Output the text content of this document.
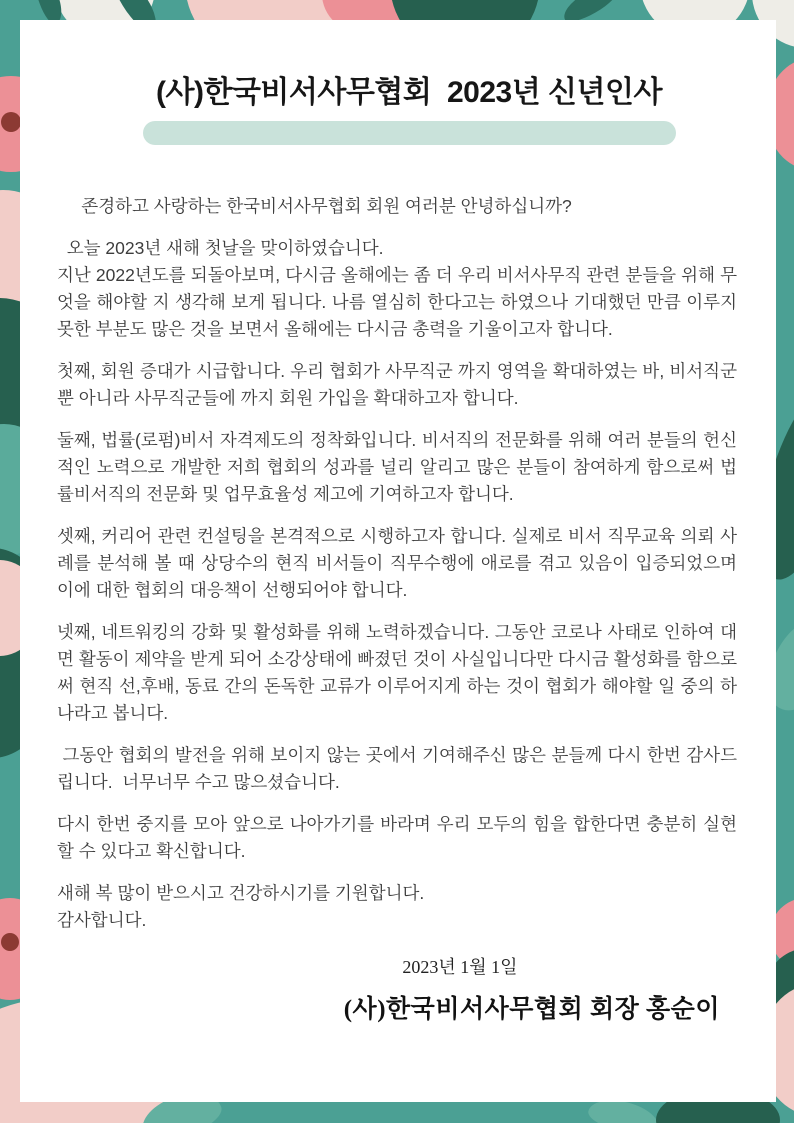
(사)한국비서사무협회  2023년 신년인사

존경하고 사랑하는 한국비서사무협회 회원 여러분 안녕하십니까?

오늘 2023년 새해 첫날을 맞이하였습니다.

지난 2022년도를 되돌아보며, 다시금 올해에는 좀 더 우리 비서사무직 관련 분들을 위해 무엇을 해야할 지 생각해 보게 됩니다. 나름 열심히 한다고는 하였으나 기대했던 만큼 이루지 못한 부분도 많은 것을 보면서 올해에는 다시금 총력을 기울이고자 합니다.

첫째, 회원 증대가 시급합니다. 우리 협회가 사무직군 까지 영역을 확대하였는 바, 비서직군 뿐 아니라 사무직군들에 까지 회원 가입을 확대하고자 합니다.

둘째, 법률(로펌)비서 자격제도의 정착화입니다. 비서직의 전문화를 위해 여러 분들의 헌신적인 노력으로 개발한 저희 협회의 성과를 널리 알리고 많은 분들이 참여하게 함으로써 법률비서직의 전문화 및 업무효율성 제고에 기여하고자 합니다.

셋째, 커리어 관련 컨설팅을 본격적으로 시행하고자 합니다. 실제로 비서 직무교육 의뢰 사례를 분석해 볼 때 상당수의 현직 비서들이 직무수행에 애로를 겪고 있음이 입증되었으며 이에 대한 협회의 대응책이 선행되어야 합니다.

넷째, 네트워킹의 강화 및 활성화를 위해 노력하겠습니다. 그동안 코로나 사태로 인하여 대면 활동이 제약을 받게 되어 소강상태에 빠졌던 것이 사실입니다만 다시금 활성화를 함으로써 현직 선,후배, 동료 간의 돈독한 교류가 이루어지게 하는 것이 협회가 해야할 일 중의 하나라고 봅니다.

그동안 협회의 발전을 위해 보이지 않는 곳에서 기여해주신 많은 분들께 다시 한번 감사드립니다.  너무너무 수고 많으셨습니다.

다시 한번 중지를 모아 앞으로 나아가기를 바라며 우리 모두의 힘을 합한다면 충분히 실현할 수 있다고 확신합니다.

새해 복 많이 받으시고 건강하시기를 기원합니다.

감사합니다.

2023년 1월 1일
(사)한국비서사무협회 회장 홍순이
